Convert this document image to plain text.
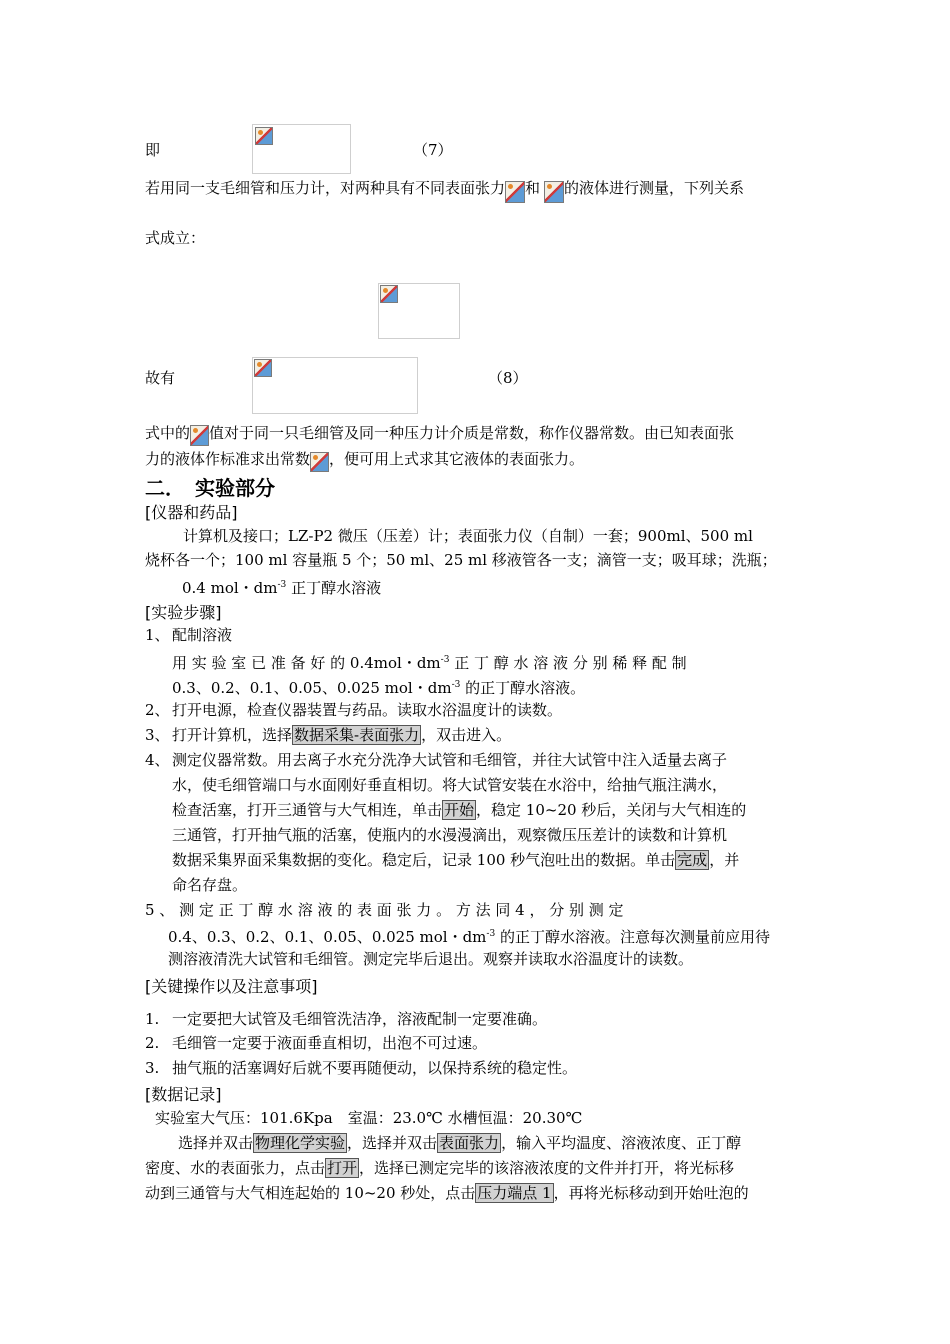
即	（7）
若用同一支毛细管和压力计，对两种具有不同表面张力 和 的液体进行测量，下列关系
式成立：
故有	（8）
式中的 值对于同一只毛细管及同一种压力计介质是常数，称作仪器常数。由已知表面张
力的液体作标准求出常数 ，便可用上式求其它液体的表面张力。
二．　实验部分
[仪器和药品]
计算机及接口；LZ-P2 微压（压差）计；表面张力仪（自制）一套；900ml、500 ml
烧杯各一个；100 ml 容量瓶 5 个；50 ml、25 ml 移液管各一支；滴管一支；吸耳球；洗瓶；
0.4 mol・$dm^{-3}$ 正丁醇水溶液
[实验步骤]
1、 配制溶液
用 实 验 室 已 准 备 好 的 0.4mol・$dm^{-3}$ 正 丁 醇 水 溶 液 分 别 稀 释 配 制
0.3、0.2、0.1、0.05、0.025 mol・$dm^{-3}$ 的正丁醇水溶液。
2、 打开电源，检查仪器装置与药品。读取水浴温度计的读数。
3、 打开计算机，选择 数据采集-表面张力 ，双击进入。
4、 测定仪器常数。用去离子水充分洗净大试管和毛细管，并往大试管中注入适量去离子
水，使毛细管端口与水面刚好垂直相切。将大试管安装在水浴中，给抽气瓶注满水，
检查活塞，打开三通管与大气相连，单击 开始 ，稳定 10~20 秒后，关闭与大气相连的
三通管，打开抽气瓶的活塞，使瓶内的水漫漫滴出，观察微压压差计的读数和计算机
数据采集界面采集数据的变化。稳定后，记录 100 秒气泡吐出的数据。单击 完成 ，并
命名存盘。
5 、 测 定 正 丁 醇 水 溶 液 的 表 面 张 力 。 方 法 同 4 ， 分 别 测 定
0.4、0.3、0.2、0.1、0.05、0.025 mol・$dm^{-3}$ 的正丁醇水溶液。注意每次测量前应用待
测溶液清洗大试管和毛细管。测定完毕后退出。观察并读取水浴温度计的读数。
[关键操作以及注意事项]
1. 一定要把大试管及毛细管洗洁净，溶液配制一定要准确。
2. 毛细管一定要于液面垂直相切，出泡不可过速。
3. 抽气瓶的活塞调好后就不要再随便动，以保持系统的稳定性。
[数据记录]
实验室大气压：101.6Kpa　室温：23.0℃ 水槽恒温：20.30℃
选择并双击 物理化学实验 ，选择并双击 表面张力 ，输入平均温度、溶液浓度、正丁醇
密度、水的表面张力，点击 打开 ，选择已测定完毕的该溶液浓度的文件并打开，将光标移
动到三通管与大气相连起始的 10~20 秒处，点击 压力端点 1 ，再将光标移动到开始吐泡的
